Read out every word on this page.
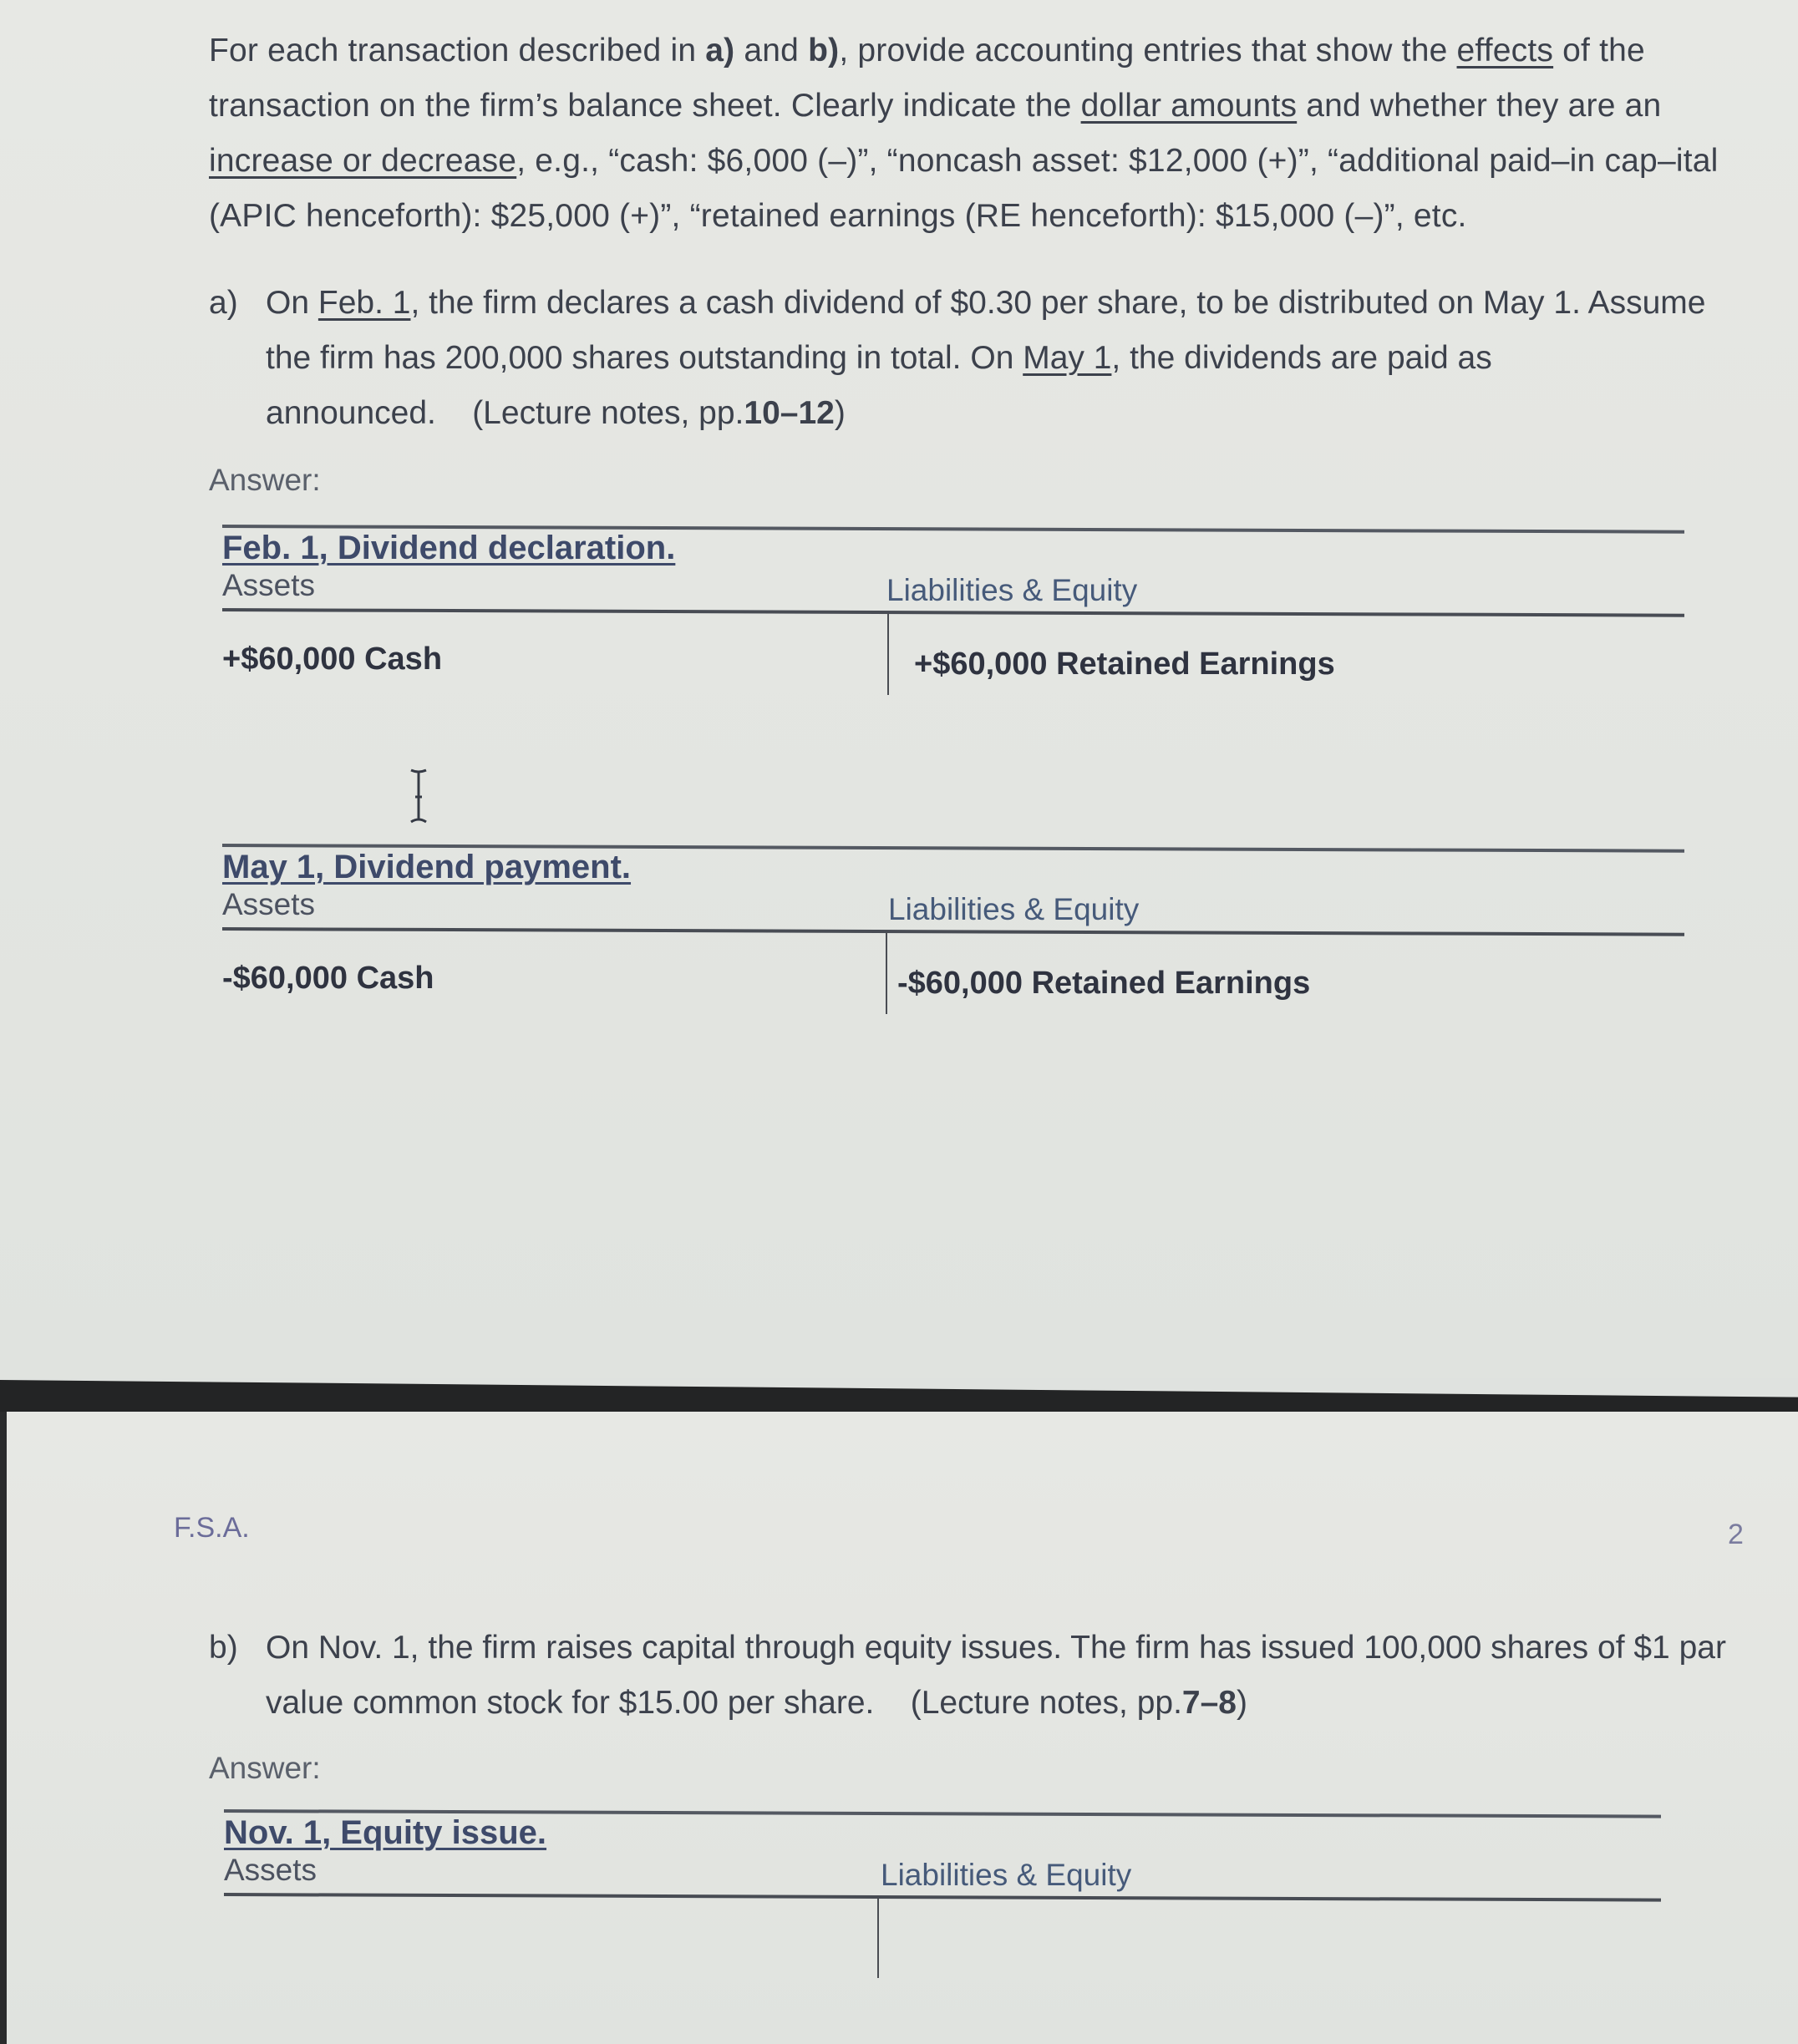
For each transaction described in a) and b), provide accounting entries that show the effects of the transaction on the firm’s balance sheet. Clearly indicate the dollar amounts and whether they are an increase or decrease, e.g., “cash: $6,000 (–)”, “noncash asset: $12,000 (+)”, “additional paid–in cap–ital (APIC henceforth): $25,000 (+)”, “retained earnings (RE henceforth): $15,000 (–)”, etc.
a) On Feb. 1, the firm declares a cash dividend of $0.30 per share, to be distributed on May 1. Assume the firm has 200,000 shares outstanding in total. On May 1, the dividends are paid as announced.    (Lecture notes, pp.10–12)
Answer:
Feb. 1, Dividend declaration.
Assets	Liabilities & Equity
+$60,000 Cash	+$60,000 Retained Earnings
May 1, Dividend payment.
Assets	Liabilities & Equity
-$60,000 Cash	-$60,000 Retained Earnings
F.S.A.	2
b) On Nov. 1, the firm raises capital through equity issues. The firm has issued 100,000 shares of $1 par value common stock for $15.00 per share.    (Lecture notes, pp.7–8)
Answer:
Nov. 1, Equity issue.
Assets	Liabilities & Equity
